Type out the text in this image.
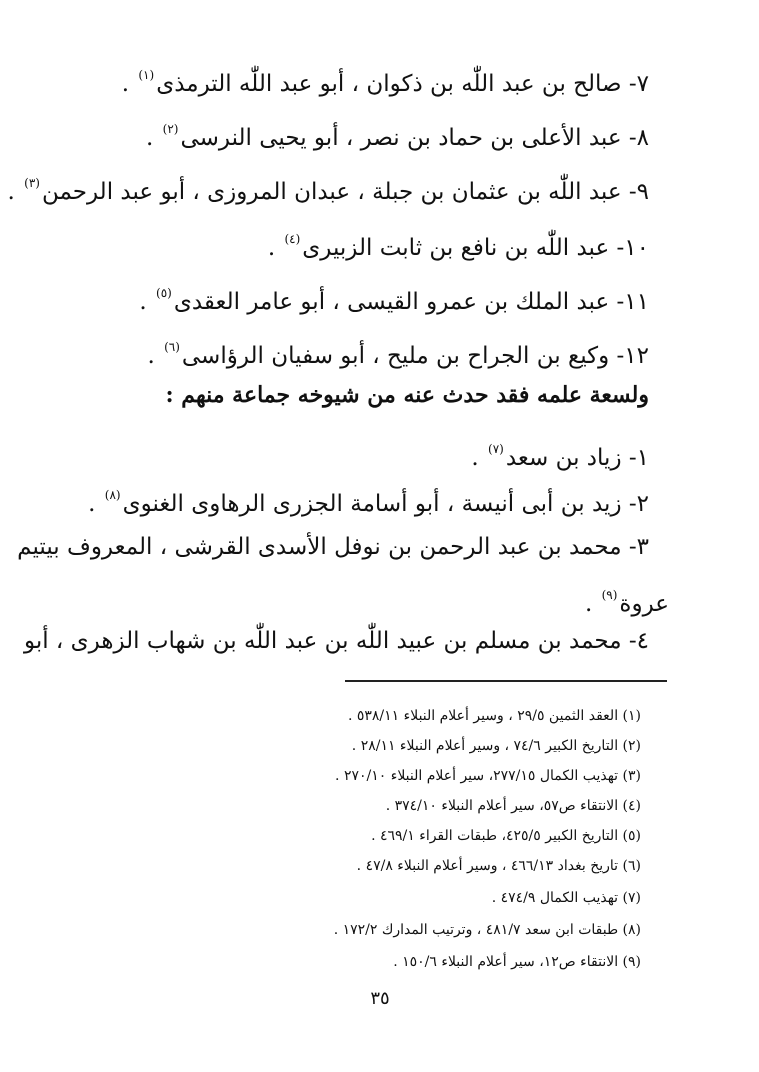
٧- صالح بن عبد اللّٰه بن ذكوان ، أبو عبد اللّٰه الترمذى$^{(١)}$ .
٨- عبد الأعلى بن حماد بن نصر ، أبو يحيى النرسى$^{(٢)}$ .
٩- عبد اللّٰه بن عثمان بن جبلة ، عبدان المروزى ، أبو عبد الرحمن$^{(٣)}$ .
١٠- عبد اللّٰه بن نافع بن ثابت الزبيرى$^{(٤)}$ .
١١- عبد الملك بن عمرو القيسى ، أبو عامر العقدى$^{(٥)}$ .
١٢- وكيع بن الجراح بن مليح ، أبو سفيان الرؤاسى$^{(٦)}$ .
ولسعة علمه فقد حدث عنه من شيوخه جماعة منهم :
١- زياد بن سعد$^{(٧)}$ .
٢- زيد بن أبى أنيسة ، أبو أسامة الجزرى الرهاوى الغنوى$^{(٨)}$ .
٣- محمد بن عبد الرحمن بن نوفل الأسدى القرشى ، المعروف بيتيم
عروة$^{(٩)}$ .
٤- محمد بن مسلم بن عبيد اللّٰه بن عبد اللّٰه بن شهاب الزهرى ، أبو
(١) العقد الثمين ٢٩/٥ ، وسير أعلام النبلاء ٥٣٨/١١ .
(٢) التاريخ الكبير ٧٤/٦ ، وسير أعلام النبلاء ٢٨/١١ .
(٣) تهذيب الكمال ٢٧٧/١٥، سير أعلام النبلاء ٢٧٠/١٠ .
(٤) الانتقاء ص٥٧، سير أعلام النبلاء ٣٧٤/١٠ .
(٥) التاريخ الكبير ٤٢٥/٥، طبقات القراء ٤٦٩/١ .
(٦) تاريخ بغداد ٤٦٦/١٣ ، وسير أعلام النبلاء ٤٧/٨ .
(٧) تهذيب الكمال ٤٧٤/٩ .
(٨) طبقات ابن سعد ٤٨١/٧ ، وترتيب المدارك ١٧٢/٢ .
(٩) الانتقاء ص١٢، سير أعلام النبلاء ١٥٠/٦ .
٣٥
